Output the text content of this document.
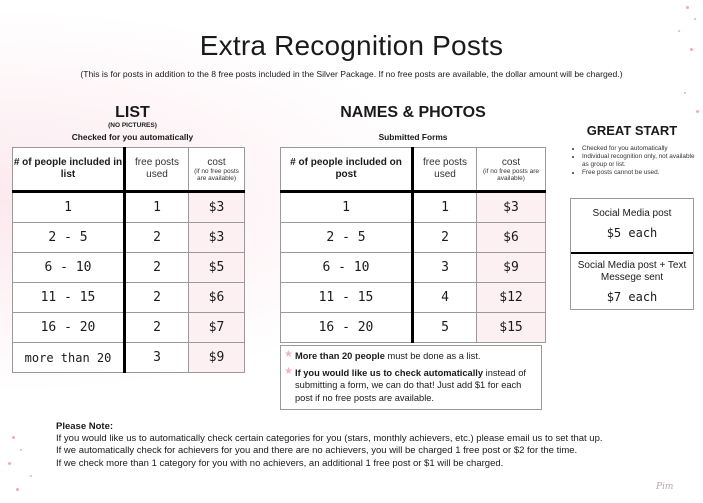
Extra Recognition Posts
(This is for posts in addition to the 8 free posts included in the Silver Package. If no free posts are available, the dollar amount will be charged.)
LIST
(NO PICTURES)
Checked for you automatically
# of people included in list	free posts used	cost
(if no free posts are available)

1	1	$3
2 - 5	2	$3
6 - 10	2	$5
11 - 15	2	$6
16 - 20	2	$7
more than 20	3	$9
NAMES & PHOTOS
Submitted Forms
# of people included on post	free posts used	cost
(if no free posts are available)

1	1	$3
2 - 5	2	$6
6 - 10	3	$9
11 - 15	4	$12
16 - 20	5	$15
★ More than 20 people must be done as a list.
★ If you would like us to check automatically instead of submitting a form, we can do that! Just add $1 for each post if no free posts are available.
GREAT START
• Checked for you automatically
• Individual recognition only, not available as group or list.
• Free posts cannot be used.
Social Media post
$5 each
Social Media post + Text Messege sent
$7 each
Please Note:
If you would like us to automatically check certain categories for you (stars, monthly achievers, etc.) please email us to set that up.
If we automatically check for achievers for you and there are no achievers, you will be charged 1 free post or $2 for the time.
If we check more than 1 category for you with no achievers, an additional 1 free post or $1 will be charged.
Pim
